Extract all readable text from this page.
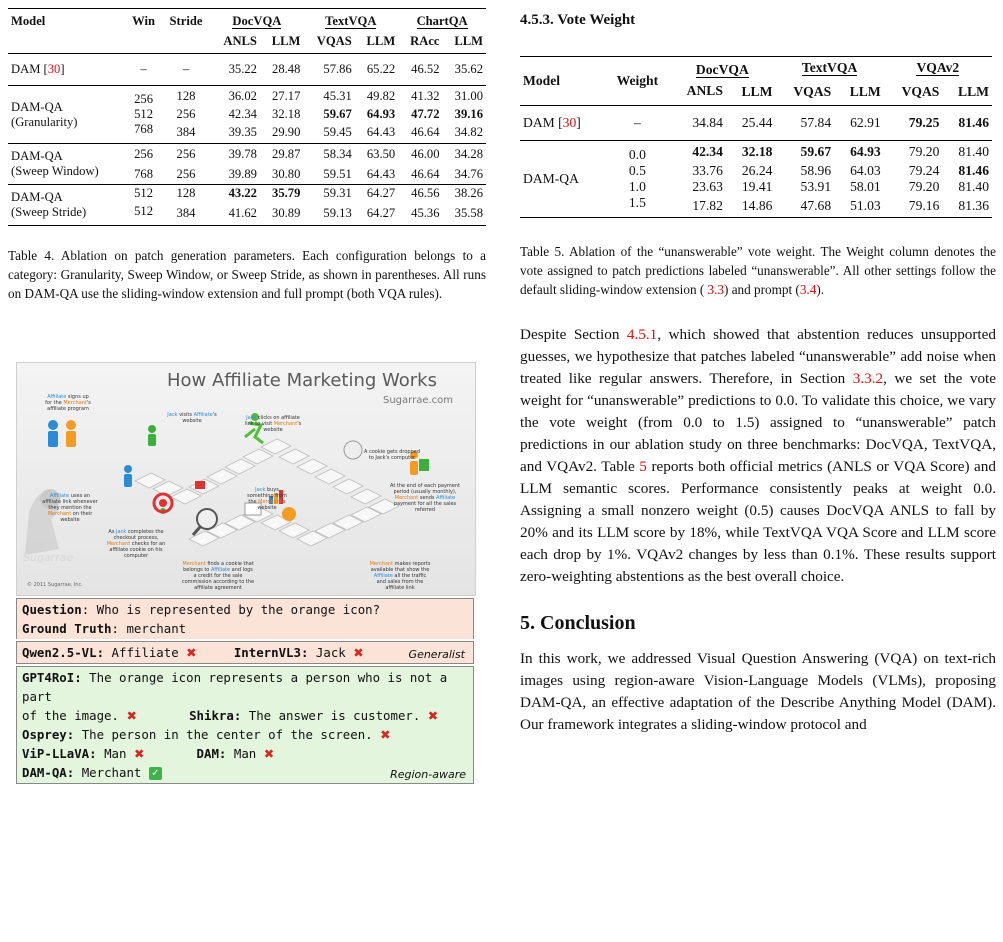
Model	Win	Stride	DocVQA		TextVQA		ChartQA	
			ANLS	LLM	VQAS	LLM	RAcc	LLM
DAM [30]	–	–	35.22	28.48	57.86	65.22	46.52	35.62

DAM-QA
(Granularity)	256	128	36.02	27.17	45.31	49.82	41.32	31.00
	512	256	42.34	32.18	59.67	64.93	47.72	39.16
	768	384	39.35	29.90	59.45	64.43	46.64	34.82

DAM-QA
(Sweep Window)	256	256	39.78	29.87	58.34	63.50	46.00	34.28
	768	256	39.89	30.80	59.51	64.43	46.64	34.76

DAM-QA
(Sweep Stride)	512	128	43.22	35.79	59.31	64.27	46.56	38.26
	512	384	41.62	30.89	59.13	64.27	45.36	35.58

Table 4. Ablation on patch generation parameters. Each configuration belongs to a category: Granularity, Sweep Window, or Sweep Stride, as shown in parentheses. All runs on DAM-QA use the sliding-window extension and full prompt (both VQA rules).

How Affiliate Marketing Works
Sugarrae.com
© 2011 Sugarrae, Inc.
Sugarrae
Affiliate signs up for the Merchant's affiliate program
Jack visits Affiliate's website	Jack clicks on affiliate link to visit Merchant's website
A cookie gets dropped to Jack's computer
Affiliate uses an affiliate link whenever they mention the Merchant on their website
Jack buys something from the Merchant's website
At the end of each payment period (usually monthly), Merchant sends Affiliate payment for all the sales referred
As Jack completes the checkout process, Merchant checks for an affiliate cookie on his computer
Merchant finds a cookie that belongs to Affiliate and logs a credit for the sale commission according to the affiliate agreement
Merchant makes reports available that show the Affiliate all the traffic and sales from the affiliate link
Question: Who is represented by the orange icon?
Ground Truth: merchant
Qwen2.5-VL: Affiliate ✖	InternVL3: Jack ✖	Generalist
GPT4RoI: The orange icon represents a person who is not a part
of the image. ✖	Shikra: The answer is customer. ✖
Osprey: The person in the center of the screen. ✖
ViP-LLaVA: Man ✖	DAM: Man ✖
DAM-QA: Merchant ✓	Region-aware
4.5.3. Vote Weight
Model	Weight	DocVQA		TextVQA		VQAv2	
		ANLS	LLM	VQAS	LLM	VQAS	LLM
DAM [30]	–	34.84	25.44	57.84	62.91	79.25	81.46
DAM-QA	0.0	42.34	32.18	59.67	64.93	79.20	81.40
	0.5	33.76	26.24	58.96	64.03	79.24	81.46
	1.0	23.63	19.41	53.91	58.01	79.20	81.40
	1.5	17.82	14.86	47.68	51.03	79.16	81.36

Table 5. Ablation of the “unanswerable” vote weight. The Weight column denotes the vote assigned to patch predictions labeled “unanswerable”. All other settings follow the default sliding-window extension ( 3.3) and prompt (3.4).

Despite Section 4.5.1, which showed that abstention reduces unsupported guesses, we hypothesize that patches labeled “unanswerable” add noise when treated like regular answers. Therefore, in Section 3.3.2, we set the vote weight for “unanswerable” predictions to 0.0. To validate this choice, we vary the vote weight (from 0.0 to 1.5) assigned to “unanswerable” patch predictions in our ablation study on three benchmarks: DocVQA, TextVQA, and VQAv2. Table 5 reports both official metrics (ANLS or VQA Score) and LLM semantic scores. Performance consistently peaks at weight 0.0. Assigning a small nonzero weight (0.5) causes DocVQA ANLS to fall by 20% and its LLM score by 18%, while TextVQA VQA Score and LLM score each drop by 1%. VQAv2 changes by less than 0.1%. These results support zero-weighting abstentions as the best overall choice.

5. Conclusion

In this work, we addressed Visual Question Answering (VQA) on text-rich images using region-aware Vision-Language Models (VLMs), proposing DAM-QA, an effective adaptation of the Describe Anything Model (DAM). Our framework integrates a sliding-window protocol and
